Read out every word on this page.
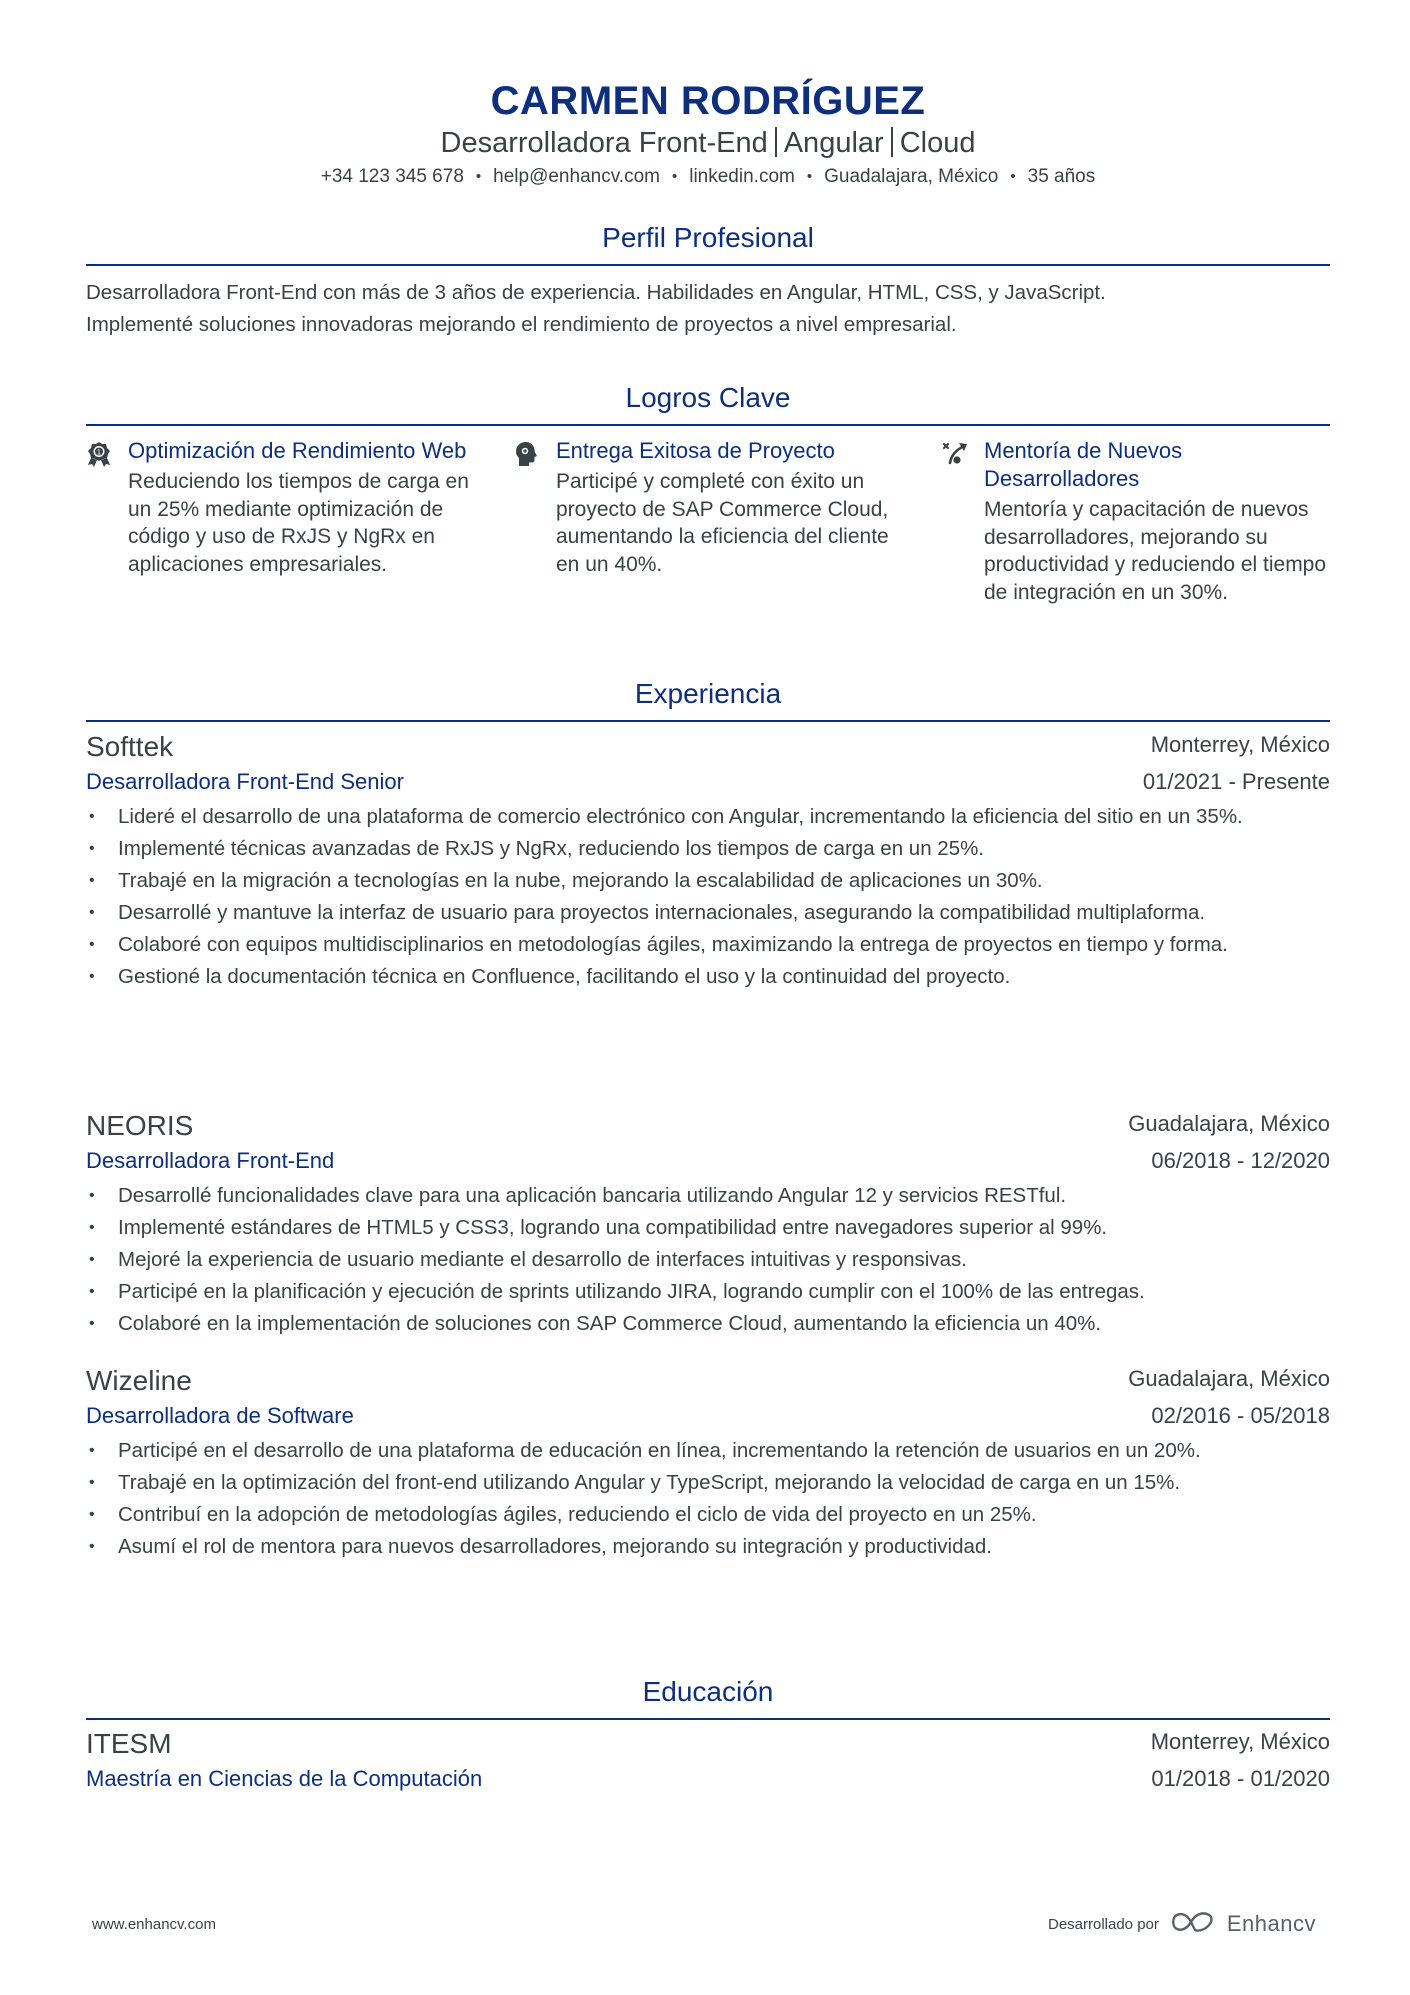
CARMEN RODRÍGUEZ
Desarrolladora Front-End Angular Cloud
+34 123 345 678 • help@enhancv.com • linkedin.com • Guadalajara, México • 35 años
Perfil Profesional
Desarrolladora Front-End con más de 3 años de experiencia. Habilidades en Angular, HTML, CSS, y JavaScript.
Implementé soluciones innovadoras mejorando el rendimiento de proyectos a nivel empresarial.
Logros Clave
1 Optimización de Rendimiento Web
Reduciendo los tiempos de carga en un 25% mediante optimización de código y uso de RxJS y NgRx en aplicaciones empresariales.
Entrega Exitosa de Proyecto
Participé y completé con éxito un proyecto de SAP Commerce Cloud, aumentando la eficiencia del cliente en un 40%.
Mentoría de Nuevos Desarrolladores
Mentoría y capacitación de nuevos desarrolladores, mejorando su productividad y reduciendo el tiempo de integración en un 30%.
Experiencia
Softtek	Monterrey, México
Desarrolladora Front-End Senior	01/2021 - Presente
• Lideré el desarrollo de una plataforma de comercio electrónico con Angular, incrementando la eficiencia del sitio en un 35%.
• Implementé técnicas avanzadas de RxJS y NgRx, reduciendo los tiempos de carga en un 25%.
• Trabajé en la migración a tecnologías en la nube, mejorando la escalabilidad de aplicaciones un 30%.
• Desarrollé y mantuve la interfaz de usuario para proyectos internacionales, asegurando la compatibilidad multiplaforma.
• Colaboré con equipos multidisciplinarios en metodologías ágiles, maximizando la entrega de proyectos en tiempo y forma.
• Gestioné la documentación técnica en Confluence, facilitando el uso y la continuidad del proyecto.
NEORIS	Guadalajara, México
Desarrolladora Front-End	06/2018 - 12/2020
• Desarrollé funcionalidades clave para una aplicación bancaria utilizando Angular 12 y servicios RESTful.
• Implementé estándares de HTML5 y CSS3, logrando una compatibilidad entre navegadores superior al 99%.
• Mejoré la experiencia de usuario mediante el desarrollo de interfaces intuitivas y responsivas.
• Participé en la planificación y ejecución de sprints utilizando JIRA, logrando cumplir con el 100% de las entregas.
• Colaboré en la implementación de soluciones con SAP Commerce Cloud, aumentando la eficiencia un 40%.
Wizeline	Guadalajara, México
Desarrolladora de Software	02/2016 - 05/2018
• Participé en el desarrollo de una plataforma de educación en línea, incrementando la retención de usuarios en un 20%.
• Trabajé en la optimización del front-end utilizando Angular y TypeScript, mejorando la velocidad de carga en un 15%.
• Contribuí en la adopción de metodologías ágiles, reduciendo el ciclo de vida del proyecto en un 25%.
• Asumí el rol de mentora para nuevos desarrolladores, mejorando su integración y productividad.
Educación
ITESM	Monterrey, México
Maestría en Ciencias de la Computación	01/2018 - 01/2020
www.enhancv.com	Desarrollado por	Enhancv
